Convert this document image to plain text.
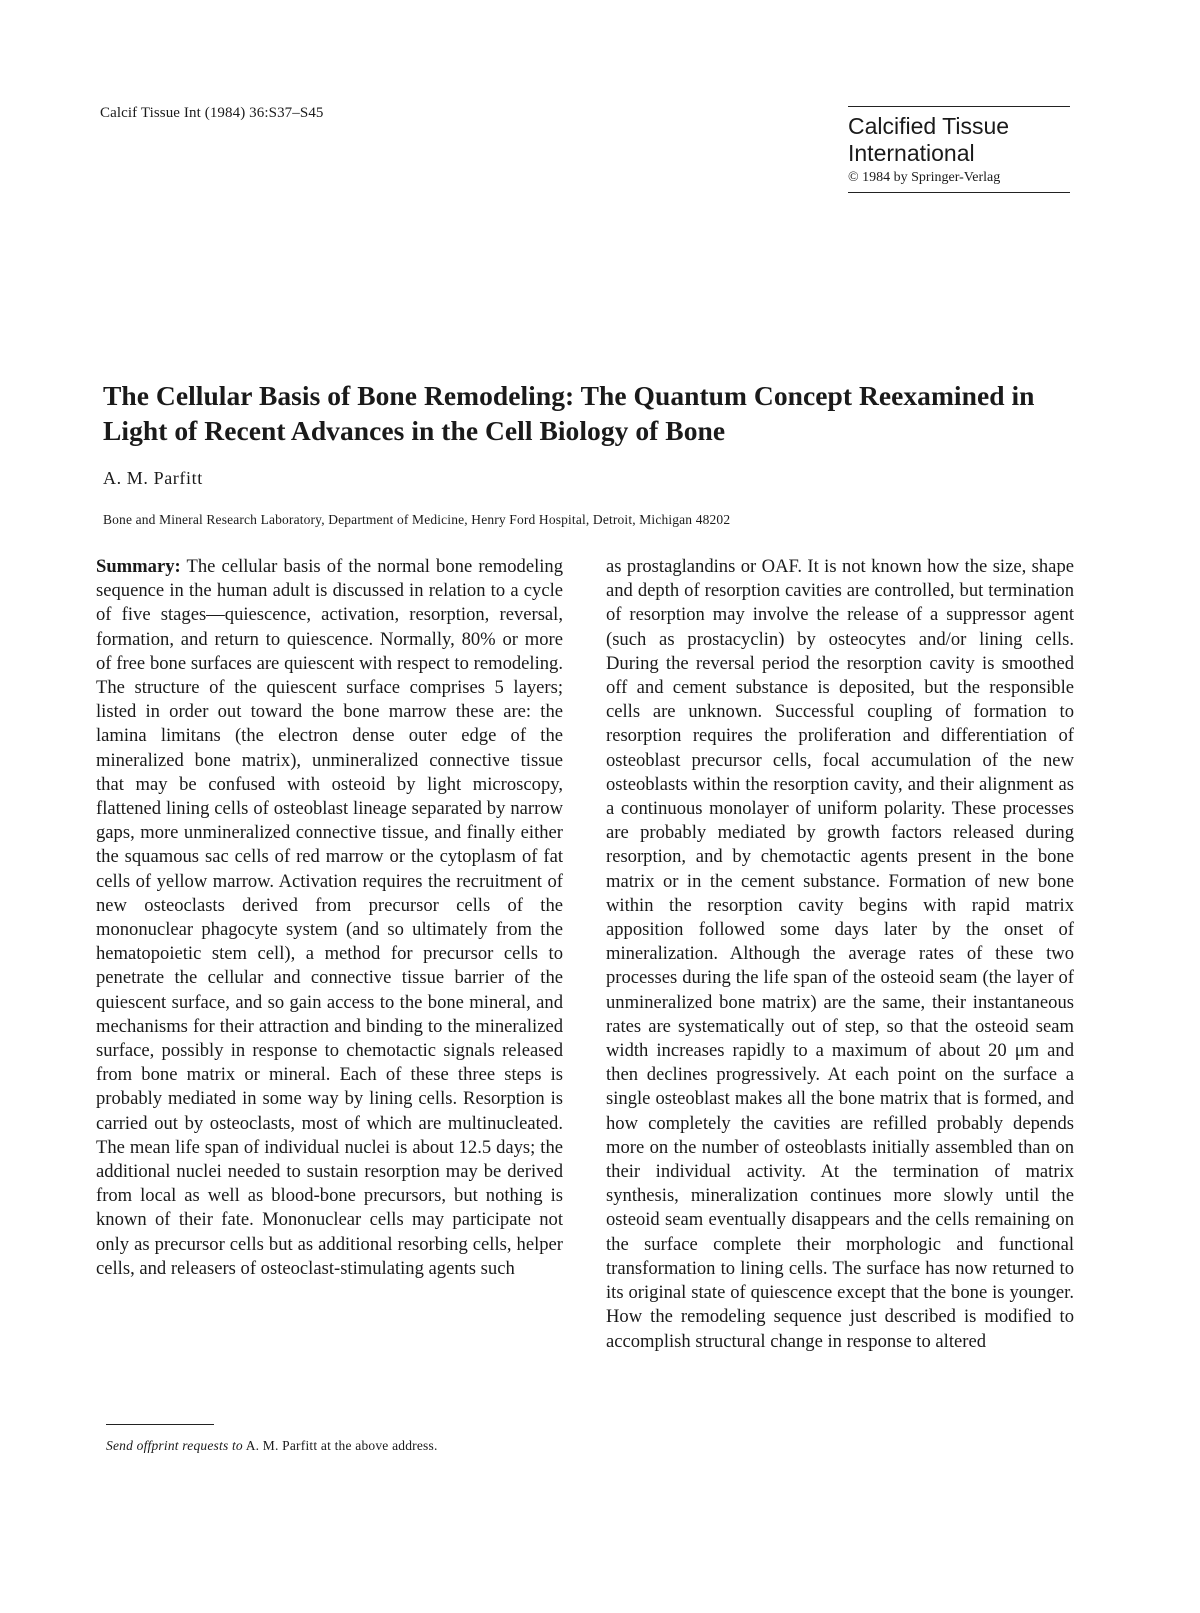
Calcif Tissue Int (1984) 36:S37–S45	Calcified Tissue International
© 1984 by Springer-Verlag
The Cellular Basis of Bone Remodeling: The Quantum Concept Reexamined in Light of Recent Advances in the Cell Biology of Bone
A. M. Parfitt
Bone and Mineral Research Laboratory, Department of Medicine, Henry Ford Hospital, Detroit, Michigan 48202

Summary: The cellular basis of the normal bone remodeling sequence in the human adult is discussed in relation to a cycle of five stages—quiescence, activation, resorption, reversal, formation, and return to quiescence. Normally, 80% or more of free bone surfaces are quiescent with respect to remodeling. The structure of the quiescent surface comprises 5 layers; listed in order out toward the bone marrow these are: the lamina limitans (the electron dense outer edge of the mineralized bone matrix), unmineralized connective tissue that may be confused with osteoid by light microscopy, flattened lining cells of osteoblast lineage separated by narrow gaps, more unmineralized connective tissue, and finally either the squamous sac cells of red marrow or the cytoplasm of fat cells of yellow marrow. Activation requires the recruitment of new osteoclasts derived from precursor cells of the mononuclear phagocyte system (and so ultimately from the hematopoietic stem cell), a method for precursor cells to penetrate the cellular and connective tissue barrier of the quiescent surface, and so gain access to the bone mineral, and mechanisms for their attraction and binding to the mineralized surface, possibly in response to chemotactic signals released from bone matrix or mineral. Each of these three steps is probably mediated in some way by lining cells. Resorption is carried out by osteoclasts, most of which are multinucleated. The mean life span of individual nuclei is about 12.5 days; the additional nuclei needed to sustain resorption may be derived from local as well as blood-bone precursors, but nothing is known of their fate. Mononuclear cells may participate not only as precursor cells but as additional resorbing cells, helper cells, and releasers of osteoclast-stimulating agents such

as prostaglandins or OAF. It is not known how the size, shape and depth of resorption cavities are controlled, but termination of resorption may involve the release of a suppressor agent (such as prostacyclin) by osteocytes and/or lining cells. During the reversal period the resorption cavity is smoothed off and cement substance is deposited, but the responsible cells are unknown. Successful coupling of formation to resorption requires the proliferation and differentiation of osteoblast precursor cells, focal accumulation of the new osteoblasts within the resorption cavity, and their alignment as a continuous monolayer of uniform polarity. These processes are probably mediated by growth factors released during resorption, and by chemotactic agents present in the bone matrix or in the cement substance. Formation of new bone within the resorption cavity begins with rapid matrix apposition followed some days later by the onset of mineralization. Although the average rates of these two processes during the life span of the osteoid seam (the layer of unmineralized bone matrix) are the same, their instantaneous rates are systematically out of step, so that the osteoid seam width increases rapidly to a maximum of about 20 μm and then declines progressively. At each point on the surface a single osteoblast makes all the bone matrix that is formed, and how completely the cavities are refilled probably depends more on the number of osteoblasts initially assembled than on their individual activity. At the termination of matrix synthesis, mineralization continues more slowly until the osteoid seam eventually disappears and the cells remaining on the surface complete their morphologic and functional transformation to lining cells. The surface has now returned to its original state of quiescence except that the bone is younger. How the remodeling sequence just described is modified to accomplish structural change in response to altered

Send offprint requests to A. M. Parfitt at the above address.
